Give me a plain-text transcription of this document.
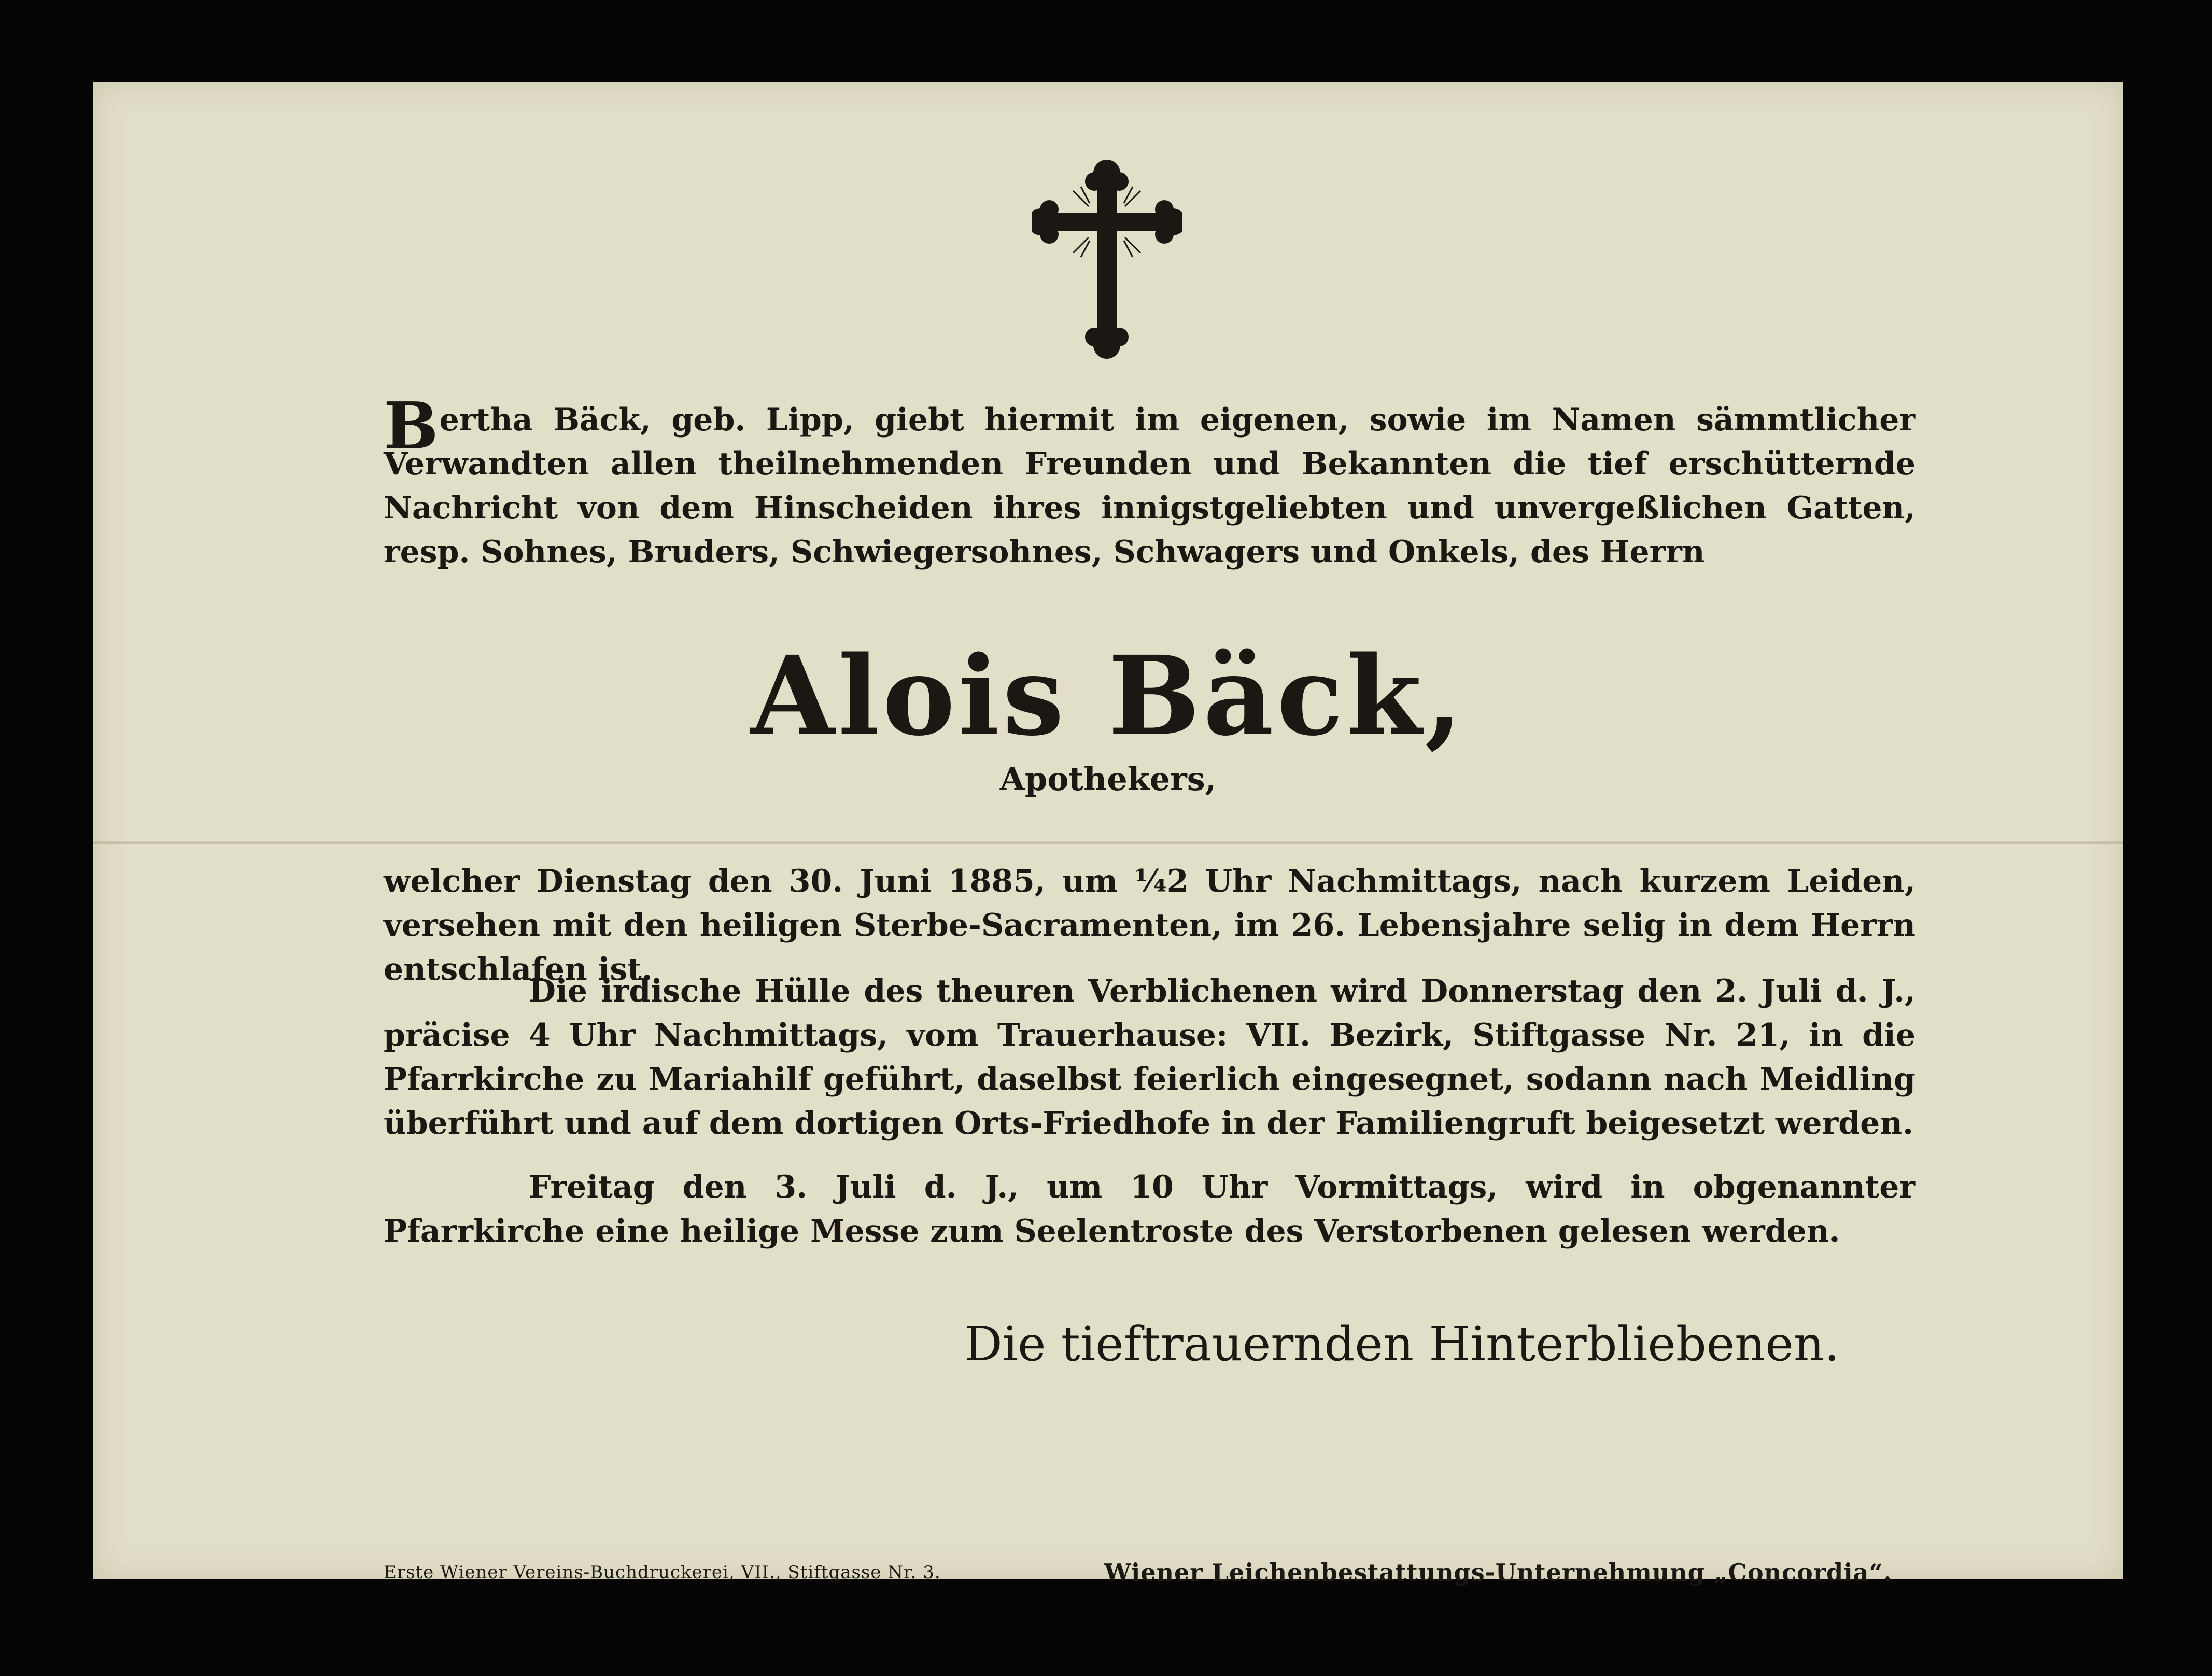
Bertha Bäck, geb. Lipp, giebt hiermit im eigenen, sowie im Namen sämmtlicher Verwandten allen theilnehmenden Freunden und Bekannten die tief erschütternde Nachricht von dem Hinscheiden ihres innigstgeliebten und unvergeßlichen Gatten, resp. Sohnes, Bruders, Schwiegersohnes, Schwagers und Onkels, des Herrn
Alois Bäck,
Apothekers,
welcher Dienstag den 30. Juni 1885, um ¼2 Uhr Nachmittags, nach kurzem Leiden, versehen mit den heiligen Sterbe-Sacramenten, im 26. Lebensjahre selig in dem Herrn entschlafen ist.
Die irdische Hülle des theuren Verblichenen wird Donnerstag den 2. Juli d. J., präcise 4 Uhr Nachmittags, vom Trauerhause: VII. Bezirk, Stiftgasse Nr. 21, in die Pfarrkirche zu Mariahilf geführt, daselbst feierlich eingesegnet, sodann nach Meidling überführt und auf dem dortigen Orts-Friedhofe in der Familiengruft beigesetzt werden.
Freitag den 3. Juli d. J., um 10 Uhr Vormittags, wird in obgenannter Pfarrkirche eine heilige Messe zum Seelentroste des Verstorbenen gelesen werden.
Die tieftrauernden Hinterbliebenen.
Erste Wiener Vereins-Buchdruckerei, VII., Stiftgasse Nr. 3.	Wiener Leichenbestattungs-Unternehmung „Concordia“.
